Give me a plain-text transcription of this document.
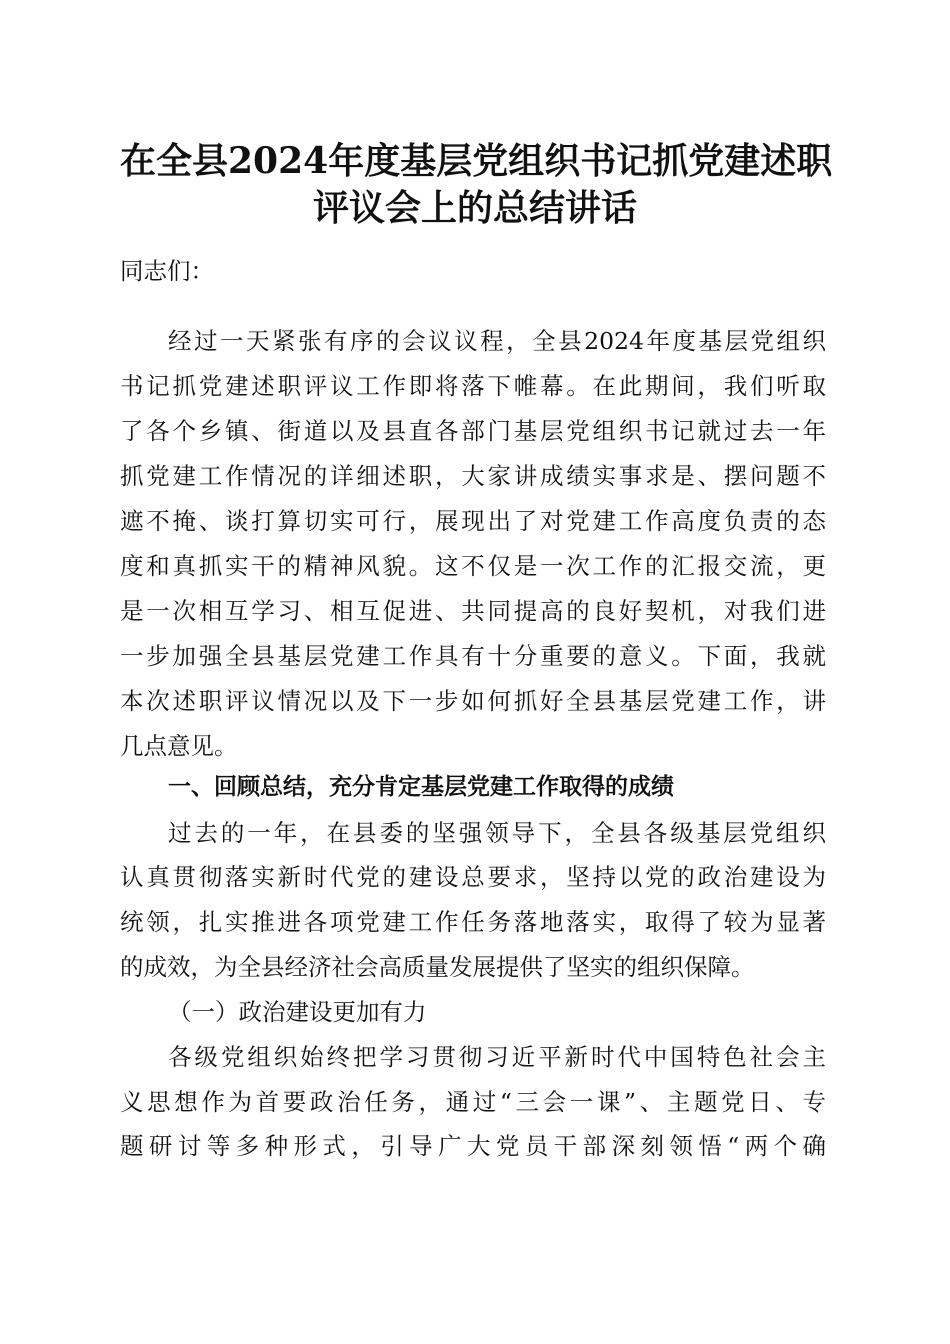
在全县2024年度基层党组织书记抓党建述职
评议会上的总结讲话
同志们：
经过一天紧张有序的会议议程，全县2024年度基层党组织
书记抓党建述职评议工作即将落下帷幕。在此期间，我们听取
了各个乡镇、街道以及县直各部门基层党组织书记就过去一年
抓党建工作情况的详细述职，大家讲成绩实事求是、摆问题不
遮不掩、谈打算切实可行，展现出了对党建工作高度负责的态
度和真抓实干的精神风貌。这不仅是一次工作的汇报交流，更
是一次相互学习、相互促进、共同提高的良好契机，对我们进
一步加强全县基层党建工作具有十分重要的意义。下面，我就
本次述职评议情况以及下一步如何抓好全县基层党建工作，讲
几点意见。
一、回顾总结，充分肯定基层党建工作取得的成绩
过去的一年，在县委的坚强领导下，全县各级基层党组织
认真贯彻落实新时代党的建设总要求，坚持以党的政治建设为
统领，扎实推进各项党建工作任务落地落实，取得了较为显著
的成效，为全县经济社会高质量发展提供了坚实的组织保障。
（一）政治建设更加有力
各级党组织始终把学习贯彻习近平新时代中国特色社会主
义思想作为首要政治任务，通过“三会一课”、主题党日、专
题研讨等多种形式，引导广大党员干部深刻领悟“两个确
